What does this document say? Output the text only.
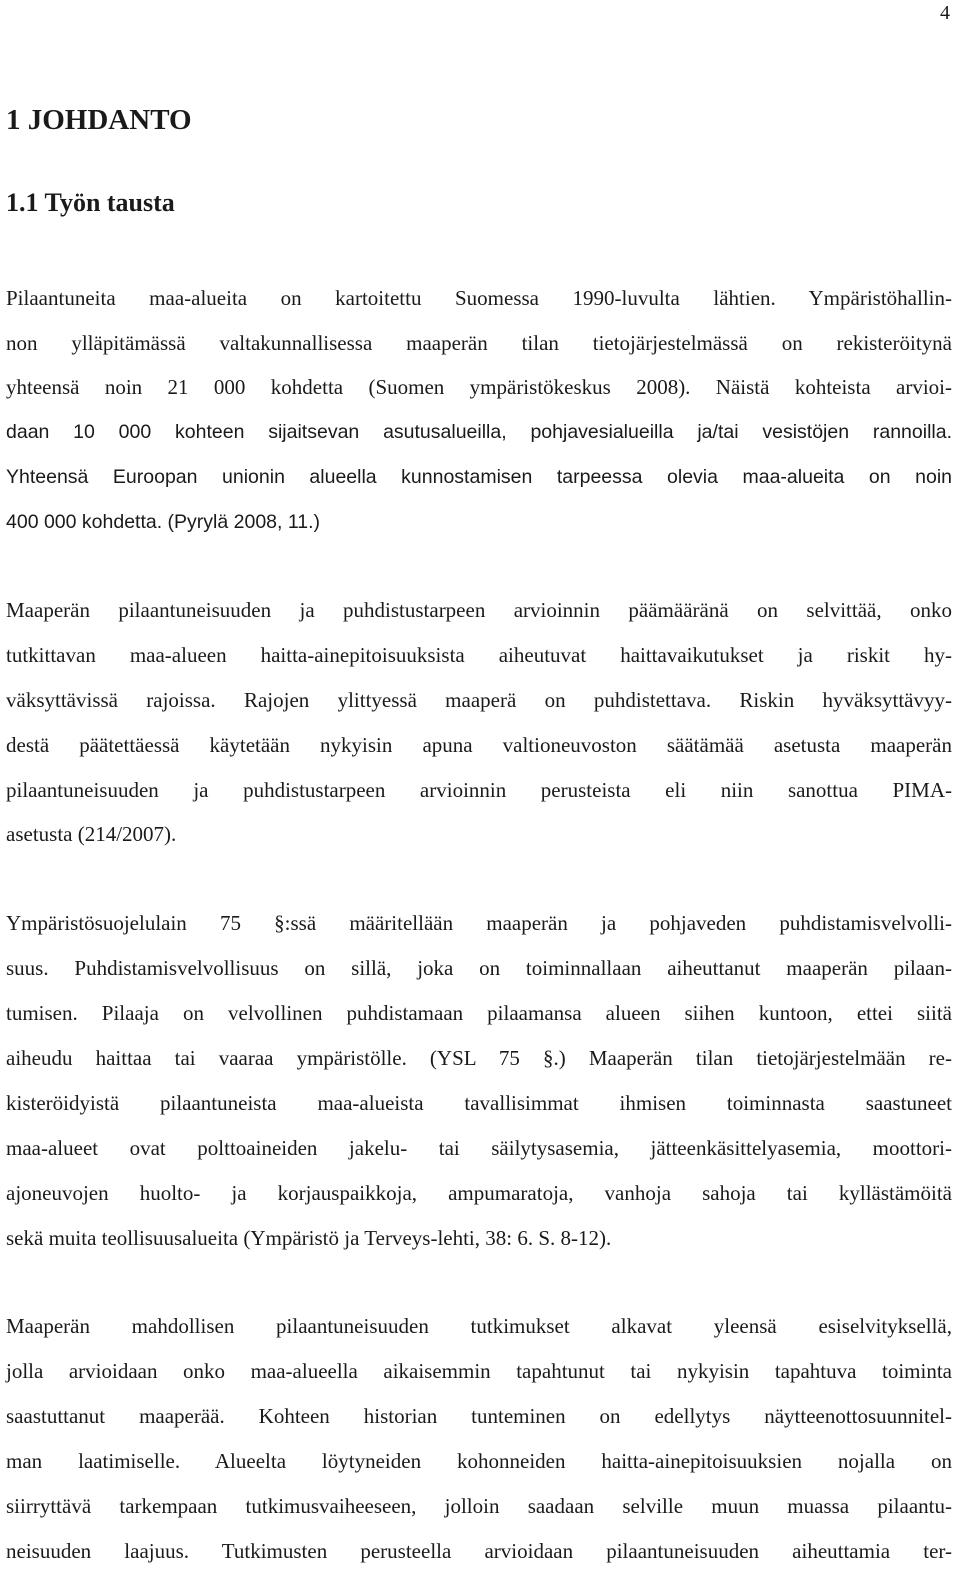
4
1 JOHDANTO
1.1 Työn tausta
Pilaantuneita maa-alueita on kartoitettu Suomessa 1990-luvulta lähtien. Ympäristöhallin-
non ylläpitämässä valtakunnallisessa maaperän tilan tietojärjestelmässä on rekisteröitynä
yhteensä noin 21 000 kohdetta (Suomen ympäristökeskus 2008). Näistä kohteista arvioi-
daan 10 000 kohteen sijaitsevan asutusalueilla, pohjavesialueilla ja/tai vesistöjen rannoilla.
Yhteensä Euroopan unionin alueella kunnostamisen tarpeessa olevia maa-alueita on noin
400 000 kohdetta. (Pyrylä 2008, 11.)
Maaperän pilaantuneisuuden ja puhdistustarpeen arvioinnin päämääränä on selvittää, onko
tutkittavan maa-alueen haitta-ainepitoisuuksista aiheutuvat haittavaikutukset ja riskit hy-
väksyttävissä rajoissa. Rajojen ylittyessä maaperä on puhdistettava. Riskin hyväksyttävyy-
destä päätettäessä käytetään nykyisin apuna valtioneuvoston säätämää asetusta maaperän
pilaantuneisuuden ja puhdistustarpeen arvioinnin perusteista eli niin sanottua PIMA-
asetusta (214/2007).
Ympäristösuojelulain 75 §:ssä määritellään maaperän ja pohjaveden puhdistamisvelvolli-
suus. Puhdistamisvelvollisuus on sillä, joka on toiminnallaan aiheuttanut maaperän pilaan-
tumisen. Pilaaja on velvollinen puhdistamaan pilaamansa alueen siihen kuntoon, ettei siitä
aiheudu haittaa tai vaaraa ympäristölle. (YSL 75 §.) Maaperän tilan tietojärjestelmään re-
kisteröidyistä pilaantuneista maa-alueista tavallisimmat ihmisen toiminnasta saastuneet
maa-alueet ovat polttoaineiden jakelu- tai säilytysasemia, jätteenkäsittelyasemia, moottori-
ajoneuvojen huolto- ja korjauspaikkoja, ampumaratoja, vanhoja sahoja tai kyllästämöitä
sekä muita teollisuusalueita (Ympäristö ja Terveys-lehti, 38: 6. S. 8-12).
Maaperän mahdollisen pilaantuneisuuden tutkimukset alkavat yleensä esiselvityksellä,
jolla arvioidaan onko maa-alueella aikaisemmin tapahtunut tai nykyisin tapahtuva toiminta
saastuttanut maaperää. Kohteen historian tunteminen on edellytys näytteenottosuunnitel-
man laatimiselle. Alueelta löytyneiden kohonneiden haitta-ainepitoisuuksien nojalla on
siirryttävä tarkempaan tutkimusvaiheeseen, jolloin saadaan selville muun muassa pilaantu-
neisuuden laajuus. Tutkimusten perusteella arvioidaan pilaantuneisuuden aiheuttamia ter-
